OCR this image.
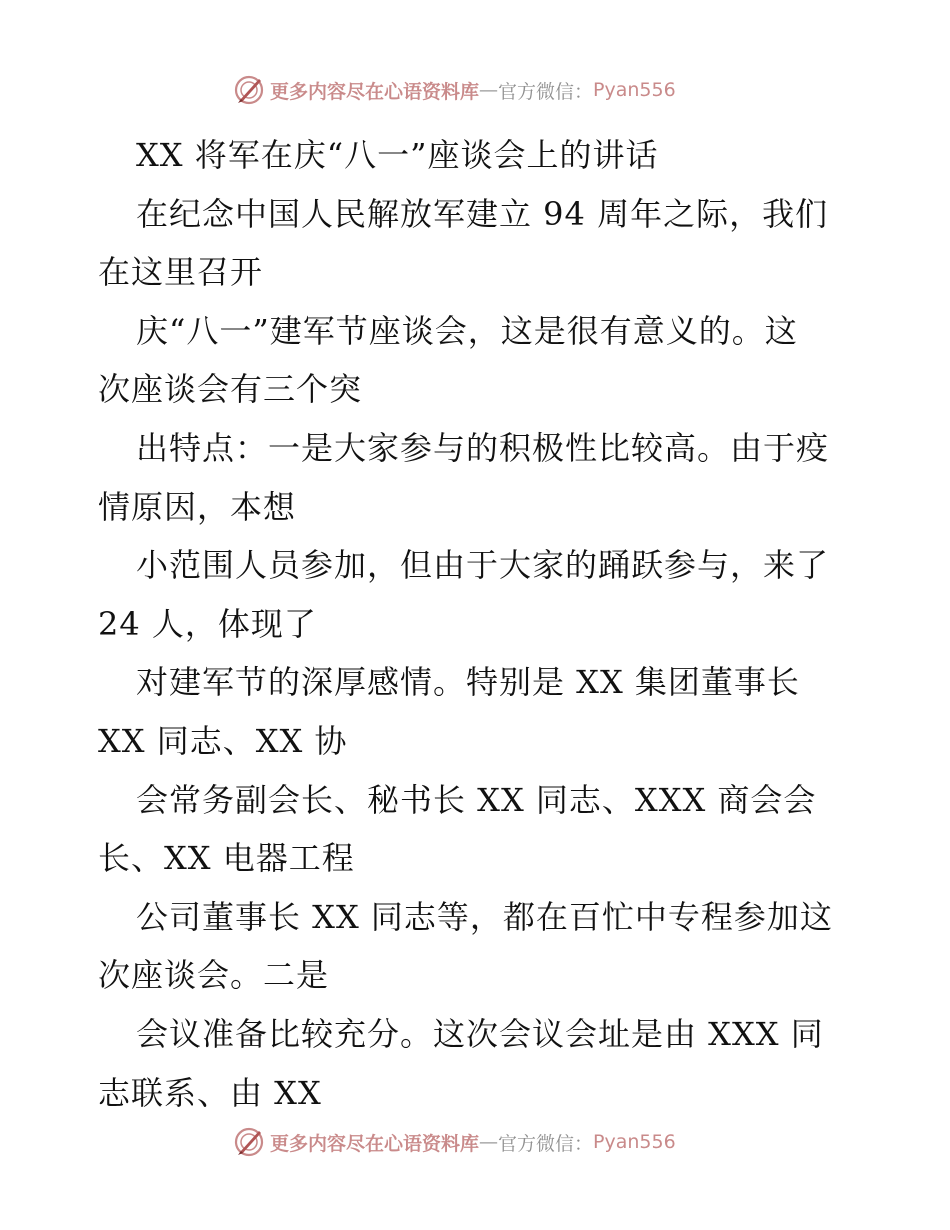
更多内容尽在心语资料库 — 官方微信： Pyan556
XX 将军在庆“八一”座谈会上的讲话
在纪念中国人民解放军建立 94 周年之际，我们
在这里召开
庆“八一”建军节座谈会，这是很有意义的。这
次座谈会有三个突
出特点：一是大家参与的积极性比较高。由于疫
情原因，本想
小范围人员参加，但由于大家的踊跃参与，来了
24 人，体现了
对建军节的深厚感情。特别是 XX 集团董事长
XX 同志、XX 协
会常务副会长、秘书长 XX 同志、XXX 商会会
长、XX 电器工程
公司董事长 XX 同志等，都在百忙中专程参加这
次座谈会。二是
会议准备比较充分。这次会议会址是由 XXX 同
志联系、由 XX
更多内容尽在心语资料库 — 官方微信： Pyan556
